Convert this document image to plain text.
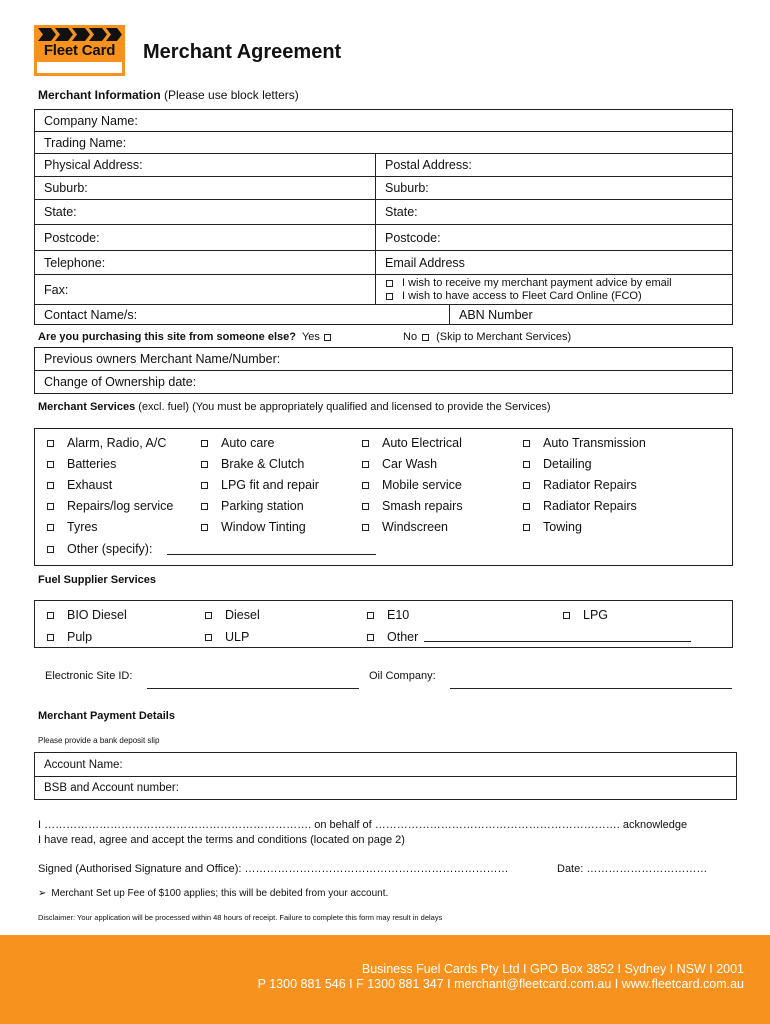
Fleet Card	Merchant Agreement
Merchant Information (Please use block letters)
Company Name:
Trading Name:
Physical Address:	Postal Address:
Suburb:	Suburb:
State:	State:
Postcode:	Postcode:
Telephone:	Email Address
Fax:	I wish to receive my merchant payment advice by email
I wish to have access to Fleet Card Online (FCO)
Contact Name/s:	ABN Number
Are you purchasing this site from someone else? Yes	No (Skip to Merchant Services)
Previous owners Merchant Name/Number:
Change of Ownership date:
Merchant Services (excl. fuel) (You must be appropriately qualified and licensed to provide the Services)
Alarm, Radio, A/C	Auto care	Auto Electrical	Auto Transmission
Batteries	Brake & Clutch	Car Wash	Detailing
Exhaust	LPG fit and repair	Mobile service	Radiator Repairs
Repairs/log service	Parking station	Smash repairs	Radiator Repairs
Tyres	Window Tinting	Windscreen	Towing
Other (specify):
Fuel Supplier Services
BIO Diesel	Diesel	E10	LPG
Pulp	ULP	Other
Electronic Site ID:	Oil Company:
Merchant Payment Details
Please provide a bank deposit slip
Account Name:
BSB and Account number:
I ………………………………………………………………. on behalf of …………………………………………………………. acknowledge
I have read, agree and accept the terms and conditions (located on page 2)
Signed (Authorised Signature and Office): ………………………………………………………………	Date: ……………………………
➢ Merchant Set up Fee of $100 applies; this will be debited from your account.
Disclaimer: Your application will be processed within 48 hours of receipt. Failure to complete this form may result in delays
Business Fuel Cards Pty Ltd I GPO Box 3852 I Sydney I NSW I 2001
P 1300 881 546 I F 1300 881 347 I merchant@fleetcard.com.au I www.fleetcard.com.au
